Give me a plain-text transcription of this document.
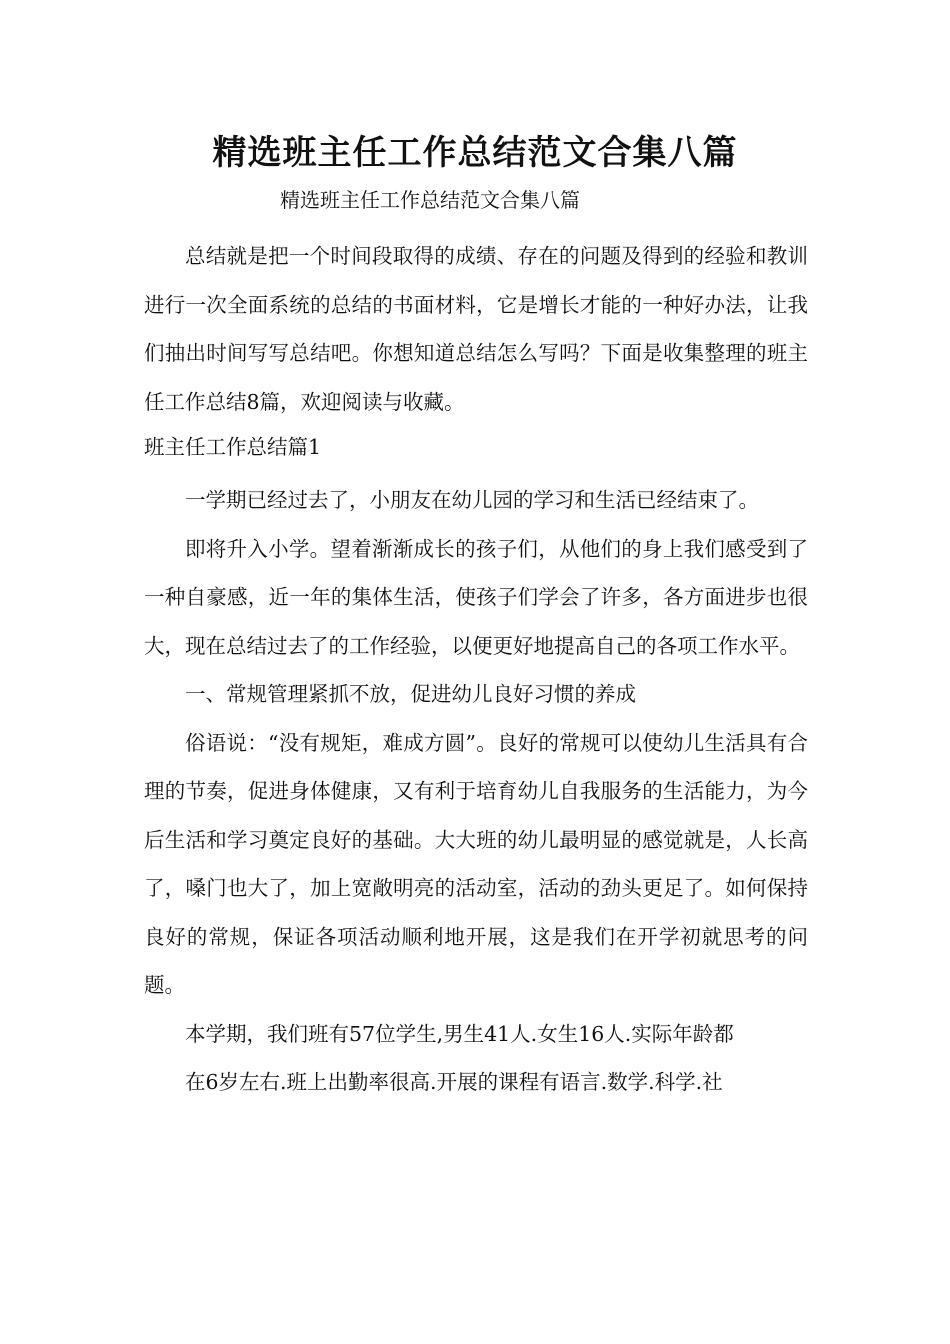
精选班主任工作总结范文合集八篇
精选班主任工作总结范文合集八篇

总结就是把一个时间段取得的成绩、存在的问题及得到的经验和教训进行一次全面系统的总结的书面材料，它是增长才能的一种好办法，让我们抽出时间写写总结吧。你想知道总结怎么写吗？下面是收集整理的班主任工作总结8篇，欢迎阅读与收藏。

班主任工作总结篇1

一学期已经过去了，小朋友在幼儿园的学习和生活已经结束了。

即将升入小学。望着渐渐成长的孩子们，从他们的身上我们感受到了一种自豪感，近一年的集体生活，使孩子们学会了许多，各方面进步也很大，现在总结过去了的工作经验，以便更好地提高自己的各项工作水平。

一、常规管理紧抓不放，促进幼儿良好习惯的养成

俗语说：“没有规矩，难成方圆”。良好的常规可以使幼儿生活具有合理的节奏，促进身体健康，又有利于培育幼儿自我服务的生活能力，为今后生活和学习奠定良好的基础。大大班的幼儿最明显的感觉就是，人长高了，嗓门也大了，加上宽敞明亮的活动室，活动的劲头更足了。如何保持良好的常规，保证各项活动顺利地开展，这是我们在开学初就思考的问题。

本学期，我们班有57位学生,男生41人.女生16人.实际年龄都

在6岁左右.班上出勤率很高.开展的课程有语言.数学.科学.社
